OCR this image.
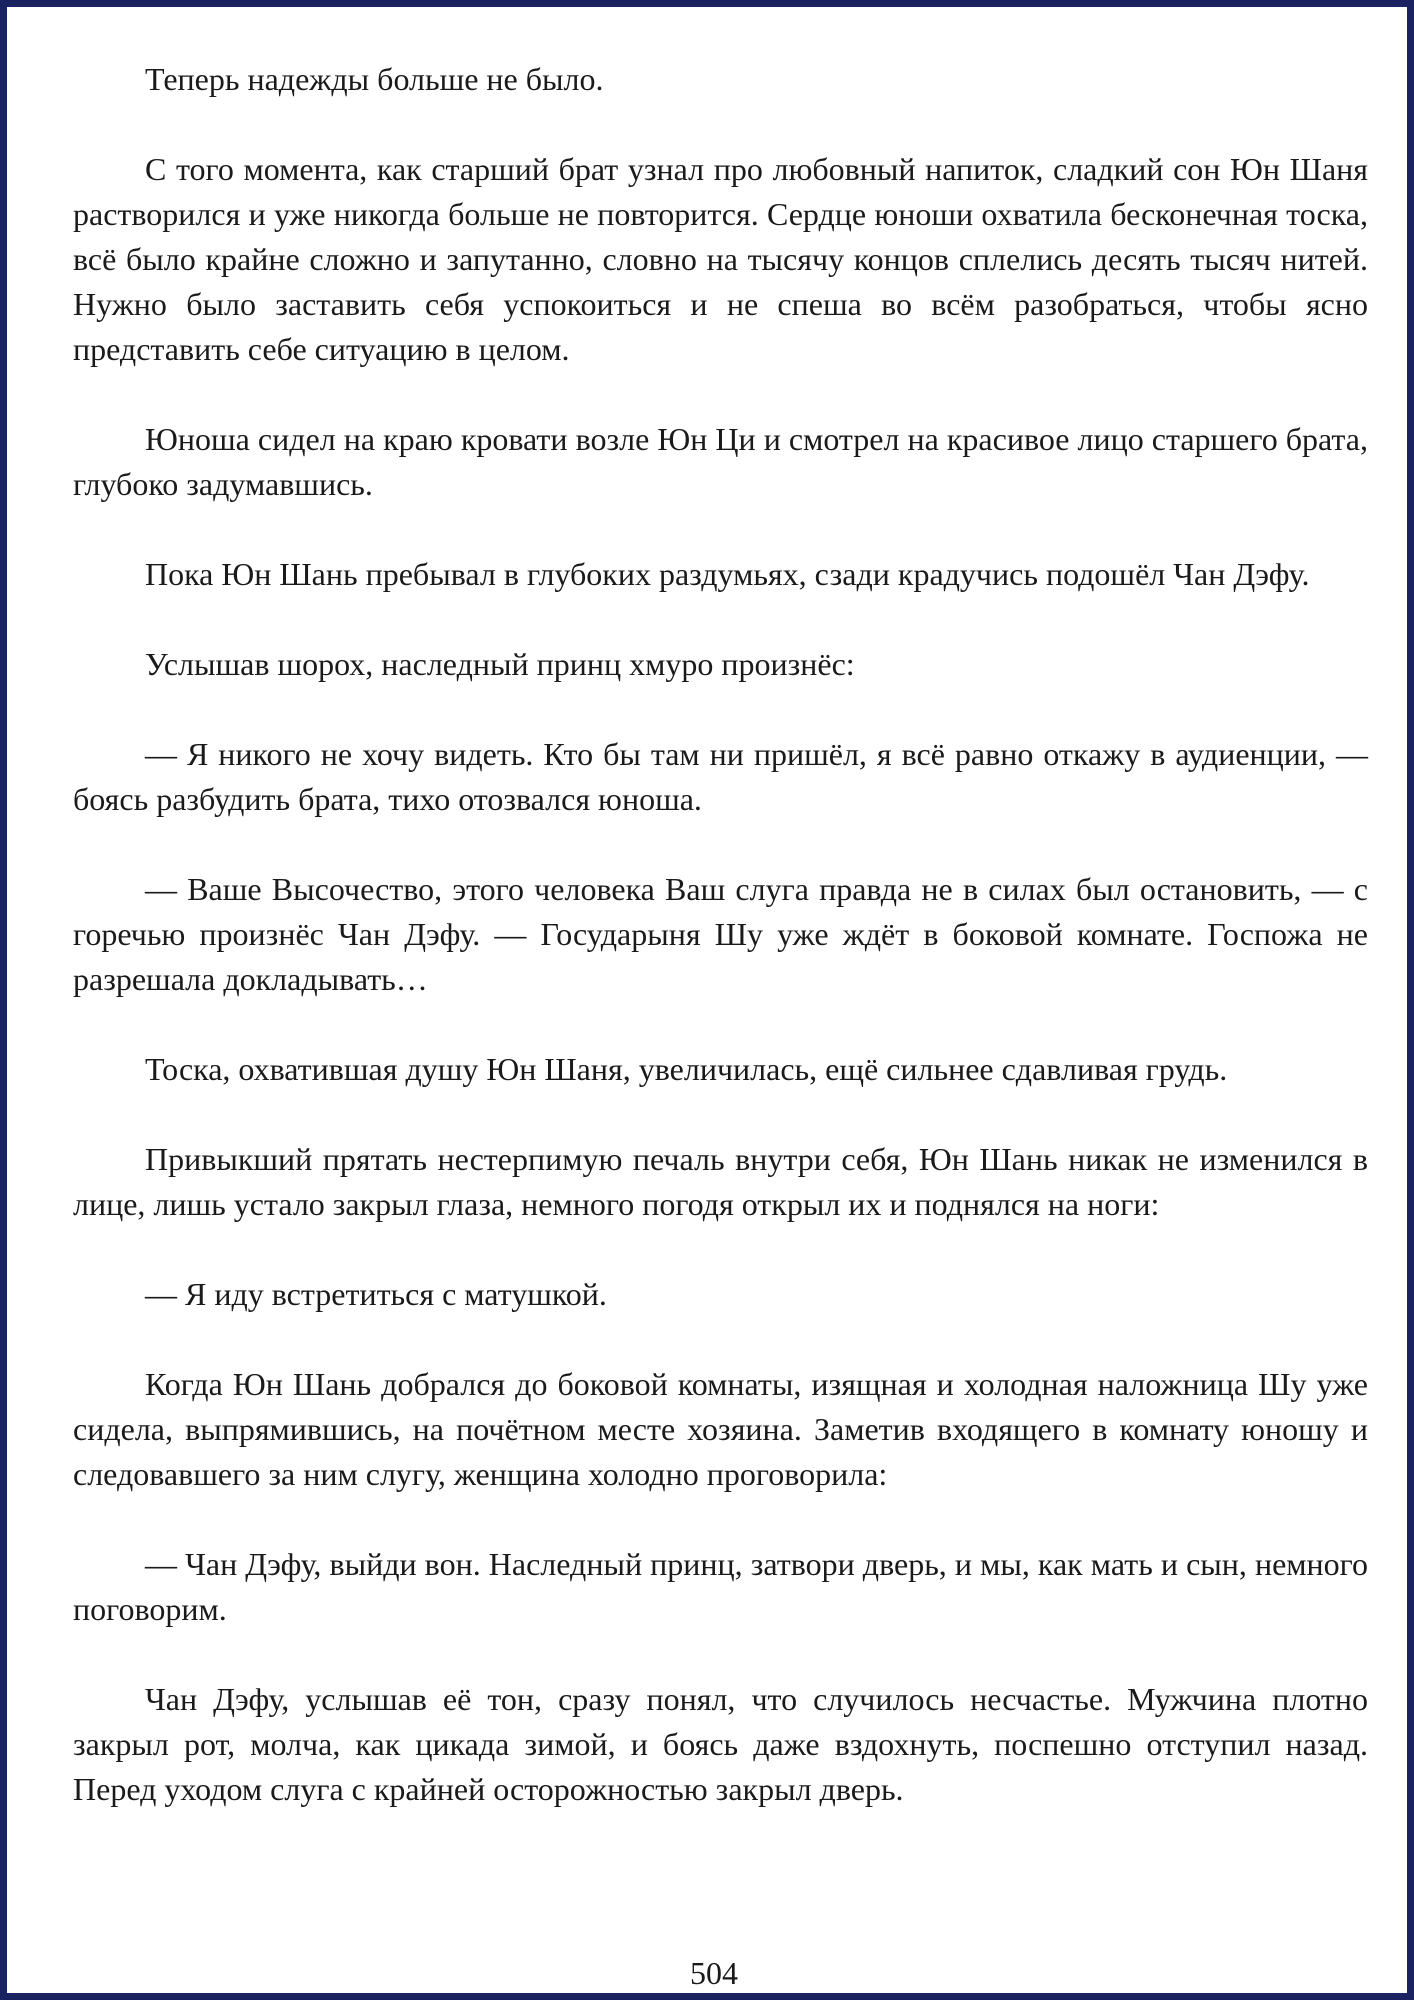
Теперь надежды больше не было.

С того момента, как старший брат узнал про любовный напиток, сладкий сон Юн Шаня растворился и уже никогда больше не повторится. Сердце юноши охватила бесконечная тоска, всё было крайне сложно и запутанно, словно на тысячу концов сплелись десять тысяч нитей. Нужно было заставить себя успокоиться и не спеша во всём разобраться, чтобы ясно представить себе ситуацию в целом.

Юноша сидел на краю кровати возле Юн Ци и смотрел на красивое лицо старшего брата, глубоко задумавшись.

Пока Юн Шань пребывал в глубоких раздумьях, сзади крадучись подошёл Чан Дэфу.

Услышав шорох, наследный принц хмуро произнёс:

— Я никого не хочу видеть. Кто бы там ни пришёл, я всё равно откажу в аудиенции, — боясь разбудить брата, тихо отозвался юноша.

— Ваше Высочество, этого человека Ваш слуга правда не в силах был остановить, — с горечью произнёс Чан Дэфу. — Государыня Шу уже ждёт в боковой комнате. Госпожа не разрешала докладывать…

Тоска, охватившая душу Юн Шаня, увеличилась, ещё сильнее сдавливая грудь.

Привыкший прятать нестерпимую печаль внутри себя, Юн Шань никак не изменился в лице, лишь устало закрыл глаза, немного погодя открыл их и поднялся на ноги:

— Я иду встретиться с матушкой.

Когда Юн Шань добрался до боковой комнаты, изящная и холодная наложница Шу уже сидела, выпрямившись, на почётном месте хозяина. Заметив входящего в комнату юношу и следовавшего за ним слугу, женщина холодно проговорила:

— Чан Дэфу, выйди вон. Наследный принц, затвори дверь, и мы, как мать и сын, немного поговорим.

Чан Дэфу, услышав её тон, сразу понял, что случилось несчастье. Мужчина плотно закрыл рот, молча, как цикада зимой, и боясь даже вздохнуть, поспешно отступил назад. Перед уходом слуга с крайней осторожностью закрыл дверь.

504
